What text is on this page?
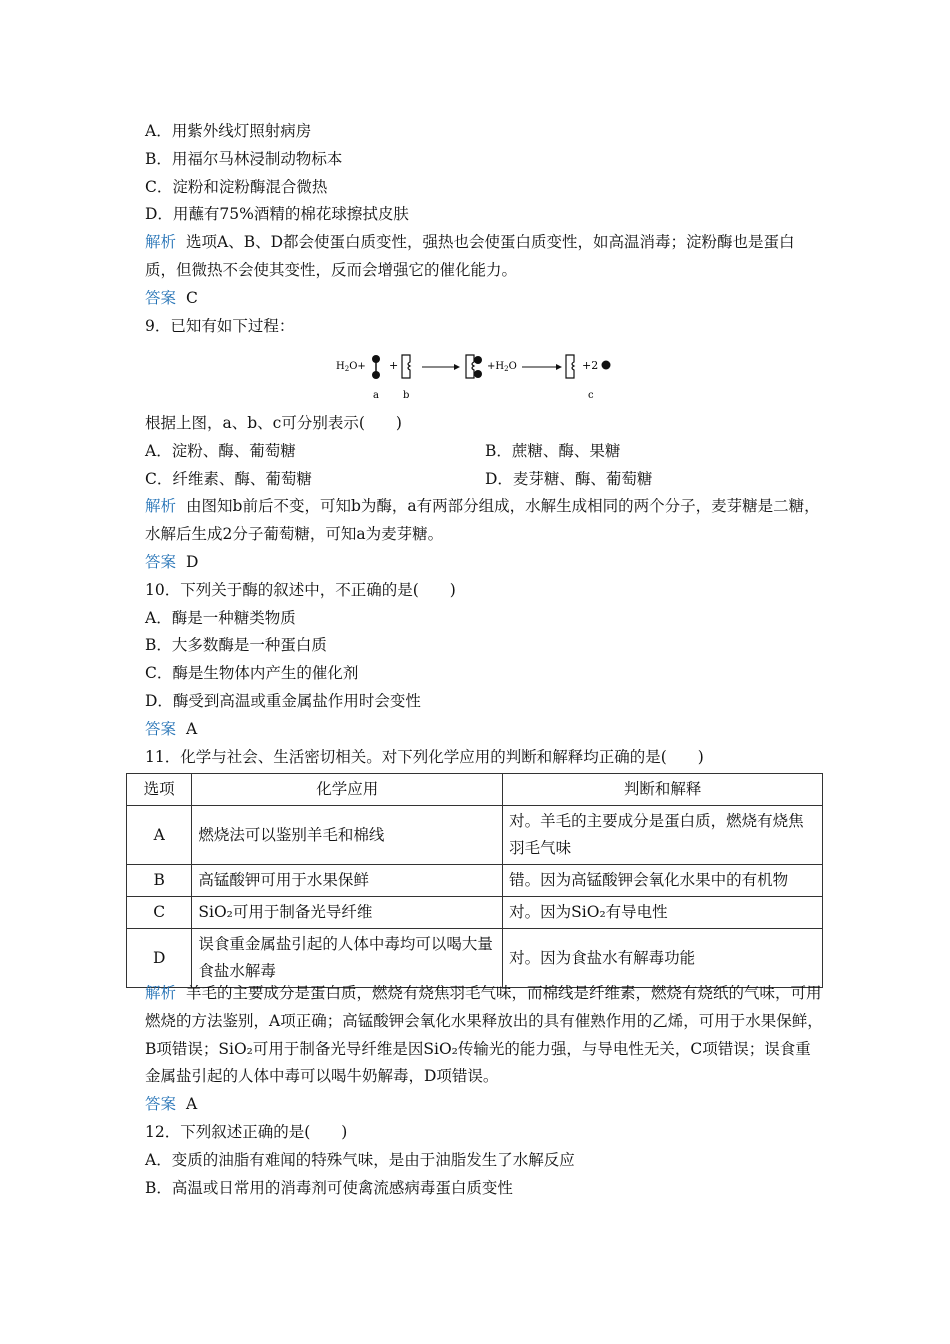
A．用紫外线灯照射病房
B．用福尔马林浸制动物标本
C．淀粉和淀粉酶混合微热
D．用蘸有75%酒精的棉花球擦拭皮肤
解析 选项A、B、D都会使蛋白质变性，强热也会使蛋白质变性，如高温消毒；淀粉酶也是蛋白质，但微热不会使其变性，反而会增强它的催化能力。
答案 C
9．已知有如下过程：
$H_2O+$ +	$+H_2O$	+2
a b	c
根据上图，a、b、c可分别表示(　　)
A．淀粉、酶、葡萄糖	B．蔗糖、酶、果糖
C．纤维素、酶、葡萄糖	D．麦芽糖、酶、葡萄糖
解析 由图知b前后不变，可知b为酶，a有两部分组成，水解生成相同的两个分子，麦芽糖是二糖，水解后生成2分子葡萄糖，可知a为麦芽糖。
答案 D
10．下列关于酶的叙述中，不正确的是(　　)
A．酶是一种糖类物质
B．大多数酶是一种蛋白质
C．酶是生物体内产生的催化剂
D．酶受到高温或重金属盐作用时会变性
答案 A
11．化学与社会、生活密切相关。对下列化学应用的判断和解释均正确的是(　　)
选项	化学应用	判断和解释
A	燃烧法可以鉴别羊毛和棉线	对。羊毛的主要成分是蛋白质，燃烧有烧焦羽毛气味
B	高锰酸钾可用于水果保鲜	错。因为高锰酸钾会氧化水果中的有机物
C	SiO₂可用于制备光导纤维	对。因为SiO₂有导电性
D	误食重金属盐引起的人体中毒均可以喝大量食盐水解毒	对。因为食盐水有解毒功能
解析 羊毛的主要成分是蛋白质，燃烧有烧焦羽毛气味，而棉线是纤维素，燃烧有烧纸的气味，可用燃烧的方法鉴别，A项正确；高锰酸钾会氧化水果释放出的具有催熟作用的乙烯，可用于水果保鲜，B项错误；SiO₂可用于制备光导纤维是因SiO₂传输光的能力强，与导电性无关，C项错误；误食重金属盐引起的人体中毒可以喝牛奶解毒，D项错误。
答案 A
12．下列叙述正确的是(　　)
A．变质的油脂有难闻的特殊气味，是由于油脂发生了水解反应
B．高温或日常用的消毒剂可使禽流感病毒蛋白质变性
